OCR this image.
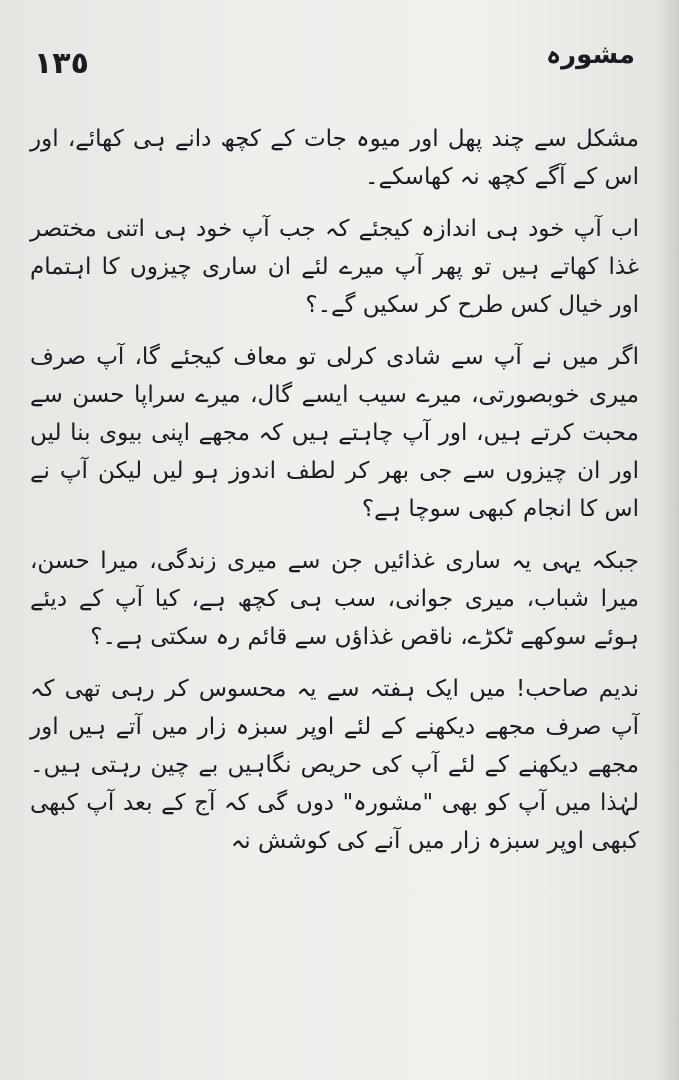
١٣٥	مشورہ

مشکل سے چند پھل اور میوہ جات کے کچھ دانے ہی کھائے، اور اس کے آگے کچھ نہ کھاسکے۔

اب آپ خود ہی اندازہ کیجئے کہ جب آپ خود ہی اتنی مختصر غذا کھاتے ہیں تو پھر آپ میرے لئے ان ساری چیزوں کا اہتمام اور خیال کس طرح کر سکیں گے۔؟

اگر میں نے آپ سے شادی کرلی تو معاف کیجئے گا، آپ صرف میری خوبصورتی، میرے سیب ایسے گال، میرے سراپا حسن سے محبت کرتے ہیں، اور آپ چاہتے ہیں کہ مجھے اپنی بیوی بنا لیں اور ان چیزوں سے جی بھر کر لطف اندوز ہو لیں لیکن آپ نے اس کا انجام کبھی سوچا ہے؟

جبکہ یہی یہ ساری غذائیں جن سے میری زندگی، میرا حسن، میرا شباب، میری جوانی، سب ہی کچھ ہے، کیا آپ کے دیئے ہوئے سوکھے ٹکڑے، ناقص غذاؤں سے قائم رہ سکتی ہے۔؟

ندیم صاحب! میں ایک ہفتہ سے یہ محسوس کر رہی تھی کہ آپ صرف مجھے دیکھنے کے لئے اوپر سبزہ زار میں آتے ہیں اور مجھے دیکھنے کے لئے آپ کی حریص نگاہیں بے چین رہتی ہیں۔ لہٰذا میں آپ کو بھی "مشورہ" دوں گی کہ آج کے بعد آپ کبھی کبھی اوپر سبزہ زار میں آنے کی کوشش نہ
